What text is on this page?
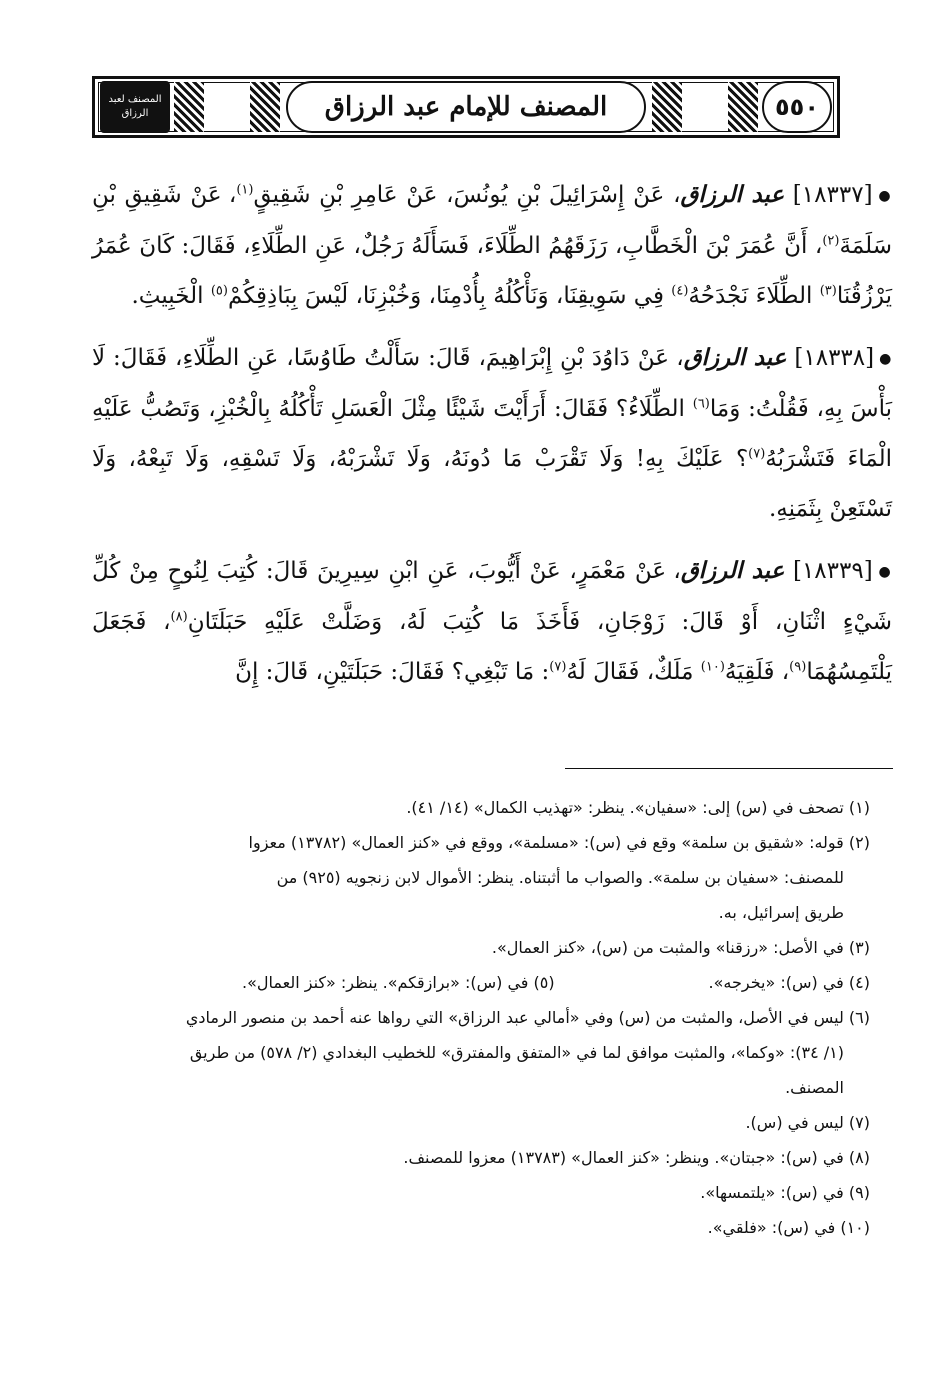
المصنف لعبد الرزاق	المصنف للإمام عبد الرزاق	٥٥٠

● [١٨٣٣٧] عبد الرزاق، عَنْ إِسْرَائِيلَ بْنِ يُونُسَ، عَنْ عَامِرِ بْنِ شَقِيقٍ$^{(١)}$، عَنْ شَقِيقِ بْنِ سَلَمَةَ$^{(٢)}$، أَنَّ عُمَرَ بْنَ الْخَطَّابِ، رَزَقَهُمُ الطِّلَاءَ، فَسَأَلَهُ رَجُلٌ، عَنِ الطِّلَاءِ، فَقَالَ: كَانَ عُمَرُ يَرْزُقُنَا$^{(٣)}$ الطِّلَاءَ نَجْدَحُهُ$^{(٤)}$ فِي سَوِيقِنَا، وَنَأْكُلُهُ بِأُدْمِنَا، وَخُبْزِنَا، لَيْسَ بِبَاذِقِكُمْ$^{(٥)}$ الْخَبِيثِ.

● [١٨٣٣٨] عبد الرزاق، عَنْ دَاوُدَ بْنِ إِبْرَاهِيمَ، قَالَ: سَأَلْتُ طَاوُسًا، عَنِ الطِّلَاءِ، فَقَالَ: لَا بَأْسَ بِهِ، فَقُلْتُ: وَمَا$^{(٦)}$ الطِّلَاءُ؟ فَقَالَ: أَرَأَيْتَ شَيْئًا مِثْلَ الْعَسَلِ تَأْكُلُهُ بِالْخُبْزِ، وَتَصُبُّ عَلَيْهِ الْمَاءَ فَتَشْرَبُهُ$^{(٧)}$؟ عَلَيْكَ بِهِ! وَلَا تَقْرَبْ مَا دُونَهُ، وَلَا تَشْرَبْهُ، وَلَا تَسْقِهِ، وَلَا تَبِعْهُ، وَلَا تَسْتَعِنْ بِثَمَنِهِ.

● [١٨٣٣٩] عبد الرزاق، عَنْ مَعْمَرٍ، عَنْ أَيُّوبَ، عَنِ ابْنِ سِيرِينَ قَالَ: كُتِبَ لِنُوحٍ مِنْ كُلِّ شَيْءٍ اثْنَانِ، أَوْ قَالَ: زَوْجَانِ، فَأَخَذَ مَا كُتِبَ لَهُ، وَضَلَّتْ عَلَيْهِ حَبَلَتَانِ$^{(٨)}$، فَجَعَلَ يَلْتَمِسُهُمَا$^{(٩)}$، فَلَقِيَهُ$^{(١٠)}$ مَلَكٌ، فَقَالَ لَهُ$^{(٧)}$: مَا تَبْغِي؟ فَقَالَ: حَبَلَتَيْنِ، قَالَ: إِنَّ

(١) تصحف في (س) إلى: «سفيان». ينظر: «تهذيب الكمال» (١٤/ ٤١).

(٢) قوله: «شقيق بن سلمة» وقع في (س): «مسلمة»، ووقع في «كنز العمال» (١٣٧٨٢) معزوا

للمصنف: «سفيان بن سلمة». والصواب ما أثبتناه. ينظر: الأموال لابن زنجويه (٩٢٥) من

طريق إسرائيل، به.

(٣) في الأصل: «رزقنا» والمثبت من (س)، «كنز العمال».

(٤) في (س): «يخرجه».
(٥) في (س): «برازقكم». ينظر: «كنز العمال».

(٦) ليس في الأصل، والمثبت من (س) وفي «أمالي عبد الرزاق» التي رواها عنه أحمد بن منصور الرمادي

(١/ ٣٤): «وكما»، والمثبت موافق لما في «المتفق والمفترق» للخطيب البغدادي (٢/ ٥٧٨) من طريق

المصنف.

(٧) ليس في (س).

(٨) في (س): «جبتان». وينظر: «كنز العمال» (١٣٧٨٣) معزوا للمصنف.

(٩) في (س): «يلتمسها».

(١٠) في (س): «فلقي».
